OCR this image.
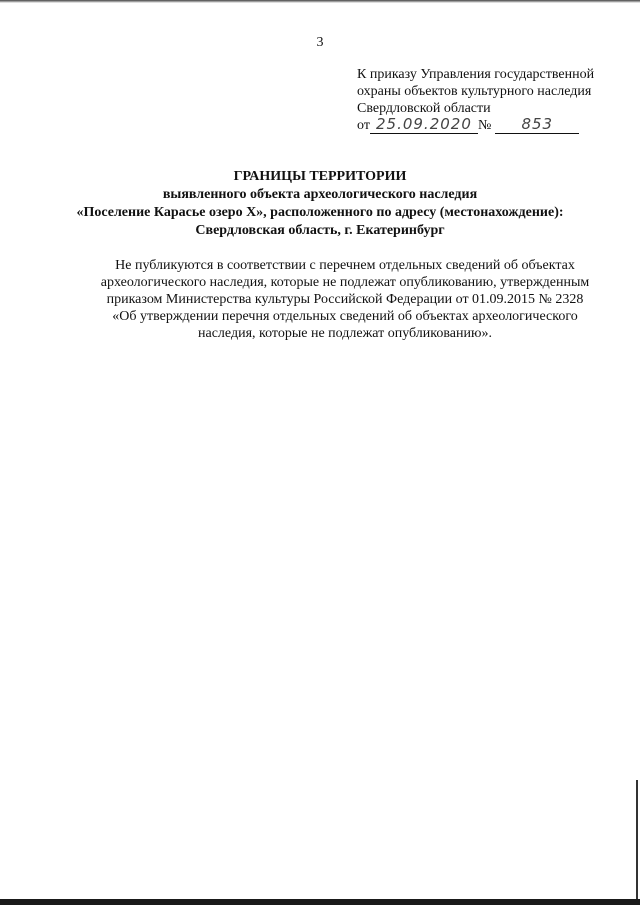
3
К приказу Управления государственной
охраны объектов культурного наследия
Свердловской области
от 25.09.2020 №	853
ГРАНИЦЫ ТЕРРИТОРИИ
выявленного объекта археологического наследия
«Поселение Карасье озеро X», расположенного по адресу (местонахождение):
Свердловская область, г. Екатеринбург
Не публикуются в соответствии с перечнем отдельных сведений об объектах
археологического наследия, которые не подлежат опубликованию, утвержденным
приказом Министерства культуры Российской Федерации от 01.09.2015 № 2328
«Об утверждении перечня отдельных сведений об объектах археологического
наследия, которые не подлежат опубликованию».
